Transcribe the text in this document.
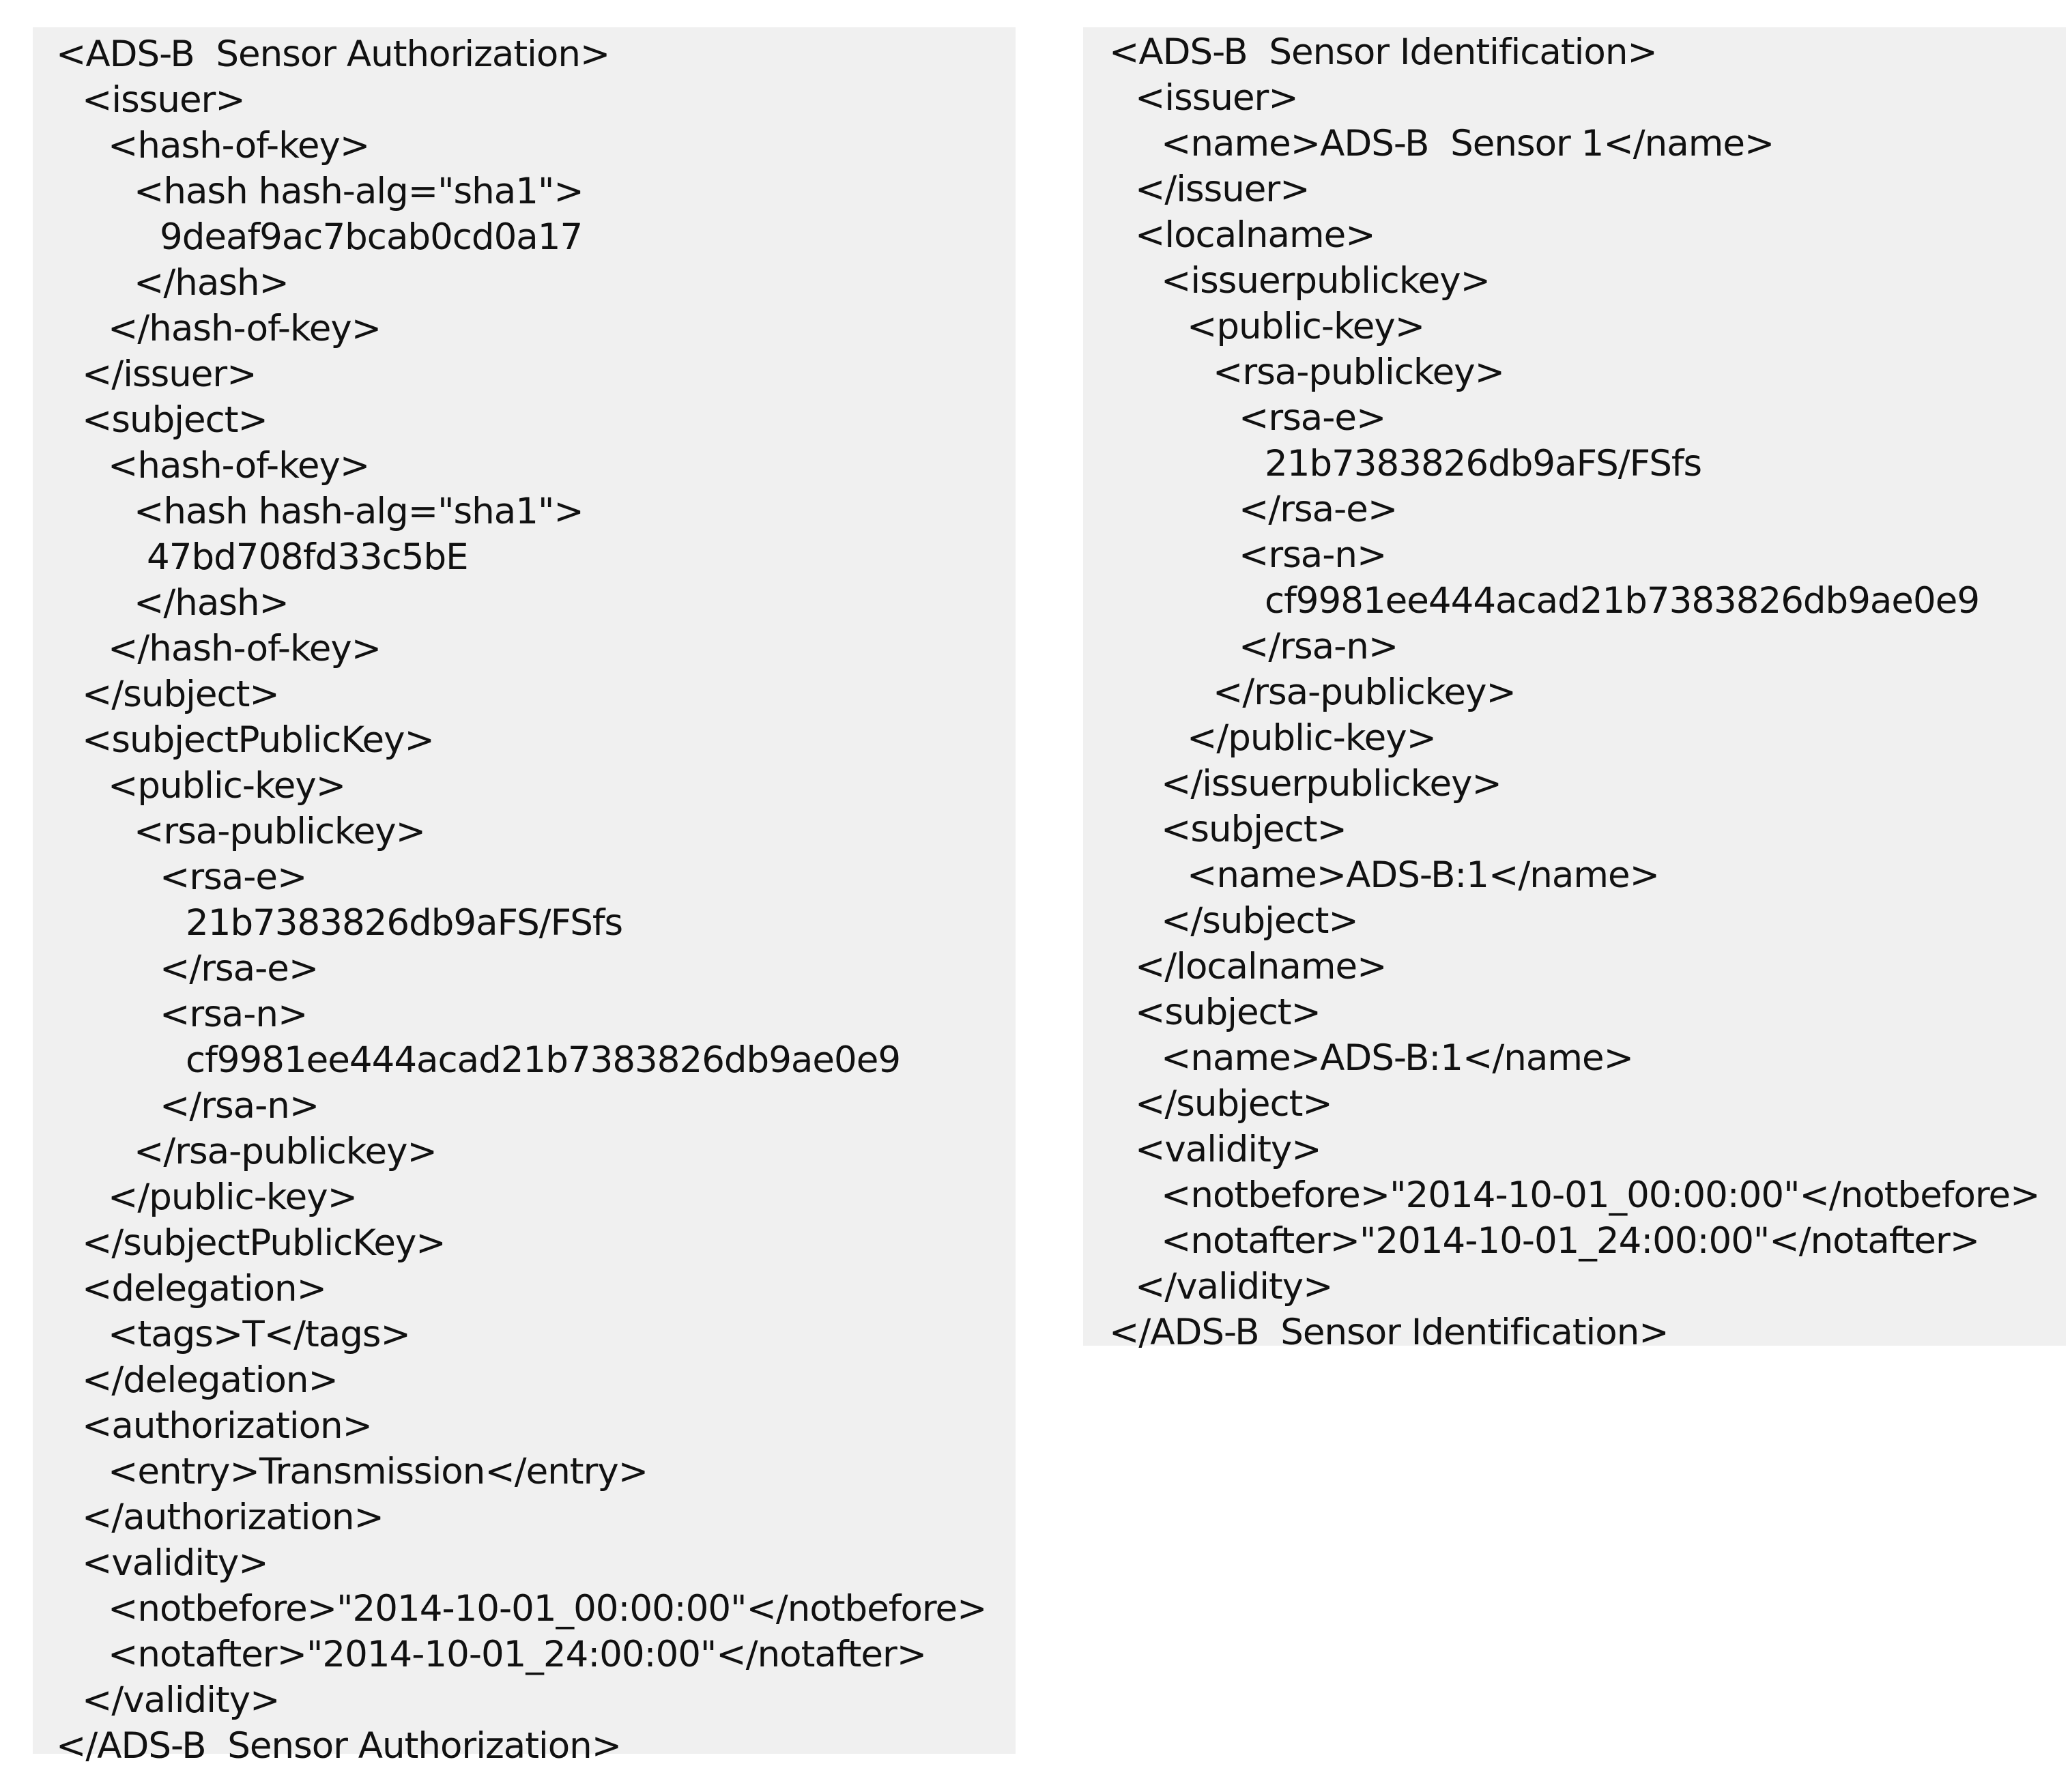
<ADS-B  Sensor Authorization>
<issuer>
<hash-of-key>
<hash hash-alg="sha1">
9deaf9ac7bcab0cd0a17
</hash>
</hash-of-key>
</issuer>
<subject>
<hash-of-key>
<hash hash-alg="sha1">
47bd708fd33c5bE
</hash>
</hash-of-key>
</subject>
<subjectPublicKey>
<public-key>
<rsa-publickey>
<rsa-e>
21b7383826db9aFS/FSfs
</rsa-e>
<rsa-n>
cf9981ee444acad21b7383826db9ae0e9
</rsa-n>
</rsa-publickey>
</public-key>
</subjectPublicKey>
<delegation>
<tags>T</tags>
</delegation>
<authorization>
<entry>Transmission</entry>
</authorization>
<validity>
<notbefore>"2014-10-01_00:00:00"</notbefore>
<notafter>"2014-10-01_24:00:00"</notafter>
</validity>
</ADS-B  Sensor Authorization>
<ADS-B  Sensor Identification>
<issuer>
<name>ADS-B  Sensor 1</name>
</issuer>
<localname>
<issuerpublickey>
<public-key>
<rsa-publickey>
<rsa-e>
21b7383826db9aFS/FSfs
</rsa-e>
<rsa-n>
cf9981ee444acad21b7383826db9ae0e9
</rsa-n>
</rsa-publickey>
</public-key>
</issuerpublickey>
<subject>
<name>ADS-B:1</name>
</subject>
</localname>
<subject>
<name>ADS-B:1</name>
</subject>
<validity>
<notbefore>"2014-10-01_00:00:00"</notbefore>
<notafter>"2014-10-01_24:00:00"</notafter>
</validity>
</ADS-B  Sensor Identification>
